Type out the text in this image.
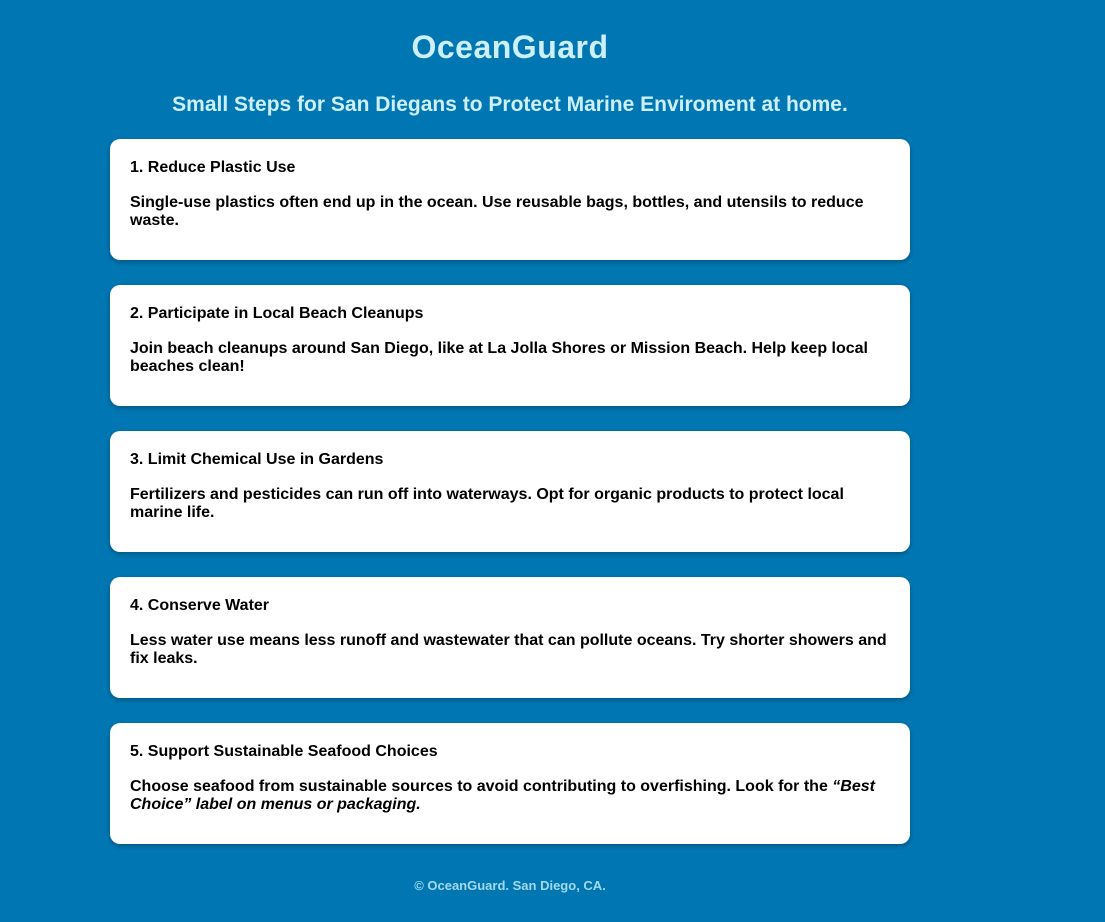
OceanGuard
Small Steps for San Diegans to Protect Marine Enviroment at home.
1. Reduce Plastic Use

Single-use plastics often end up in the ocean. Use reusable bags, bottles, and utensils to reduce waste.

2. Participate in Local Beach Cleanups

Join beach cleanups around San Diego, like at La Jolla Shores or Mission Beach. Help keep local beaches clean!

3. Limit Chemical Use in Gardens

Fertilizers and pesticides can run off into waterways. Opt for organic products to protect local marine life.

4. Conserve Water

Less water use means less runoff and wastewater that can pollute oceans. Try shorter showers and fix leaks.

5. Support Sustainable Seafood Choices

Choose seafood from sustainable sources to avoid contributing to overfishing. Look for the “Best Choice” label on menus or packaging.

© OceanGuard. San Diego, CA.
